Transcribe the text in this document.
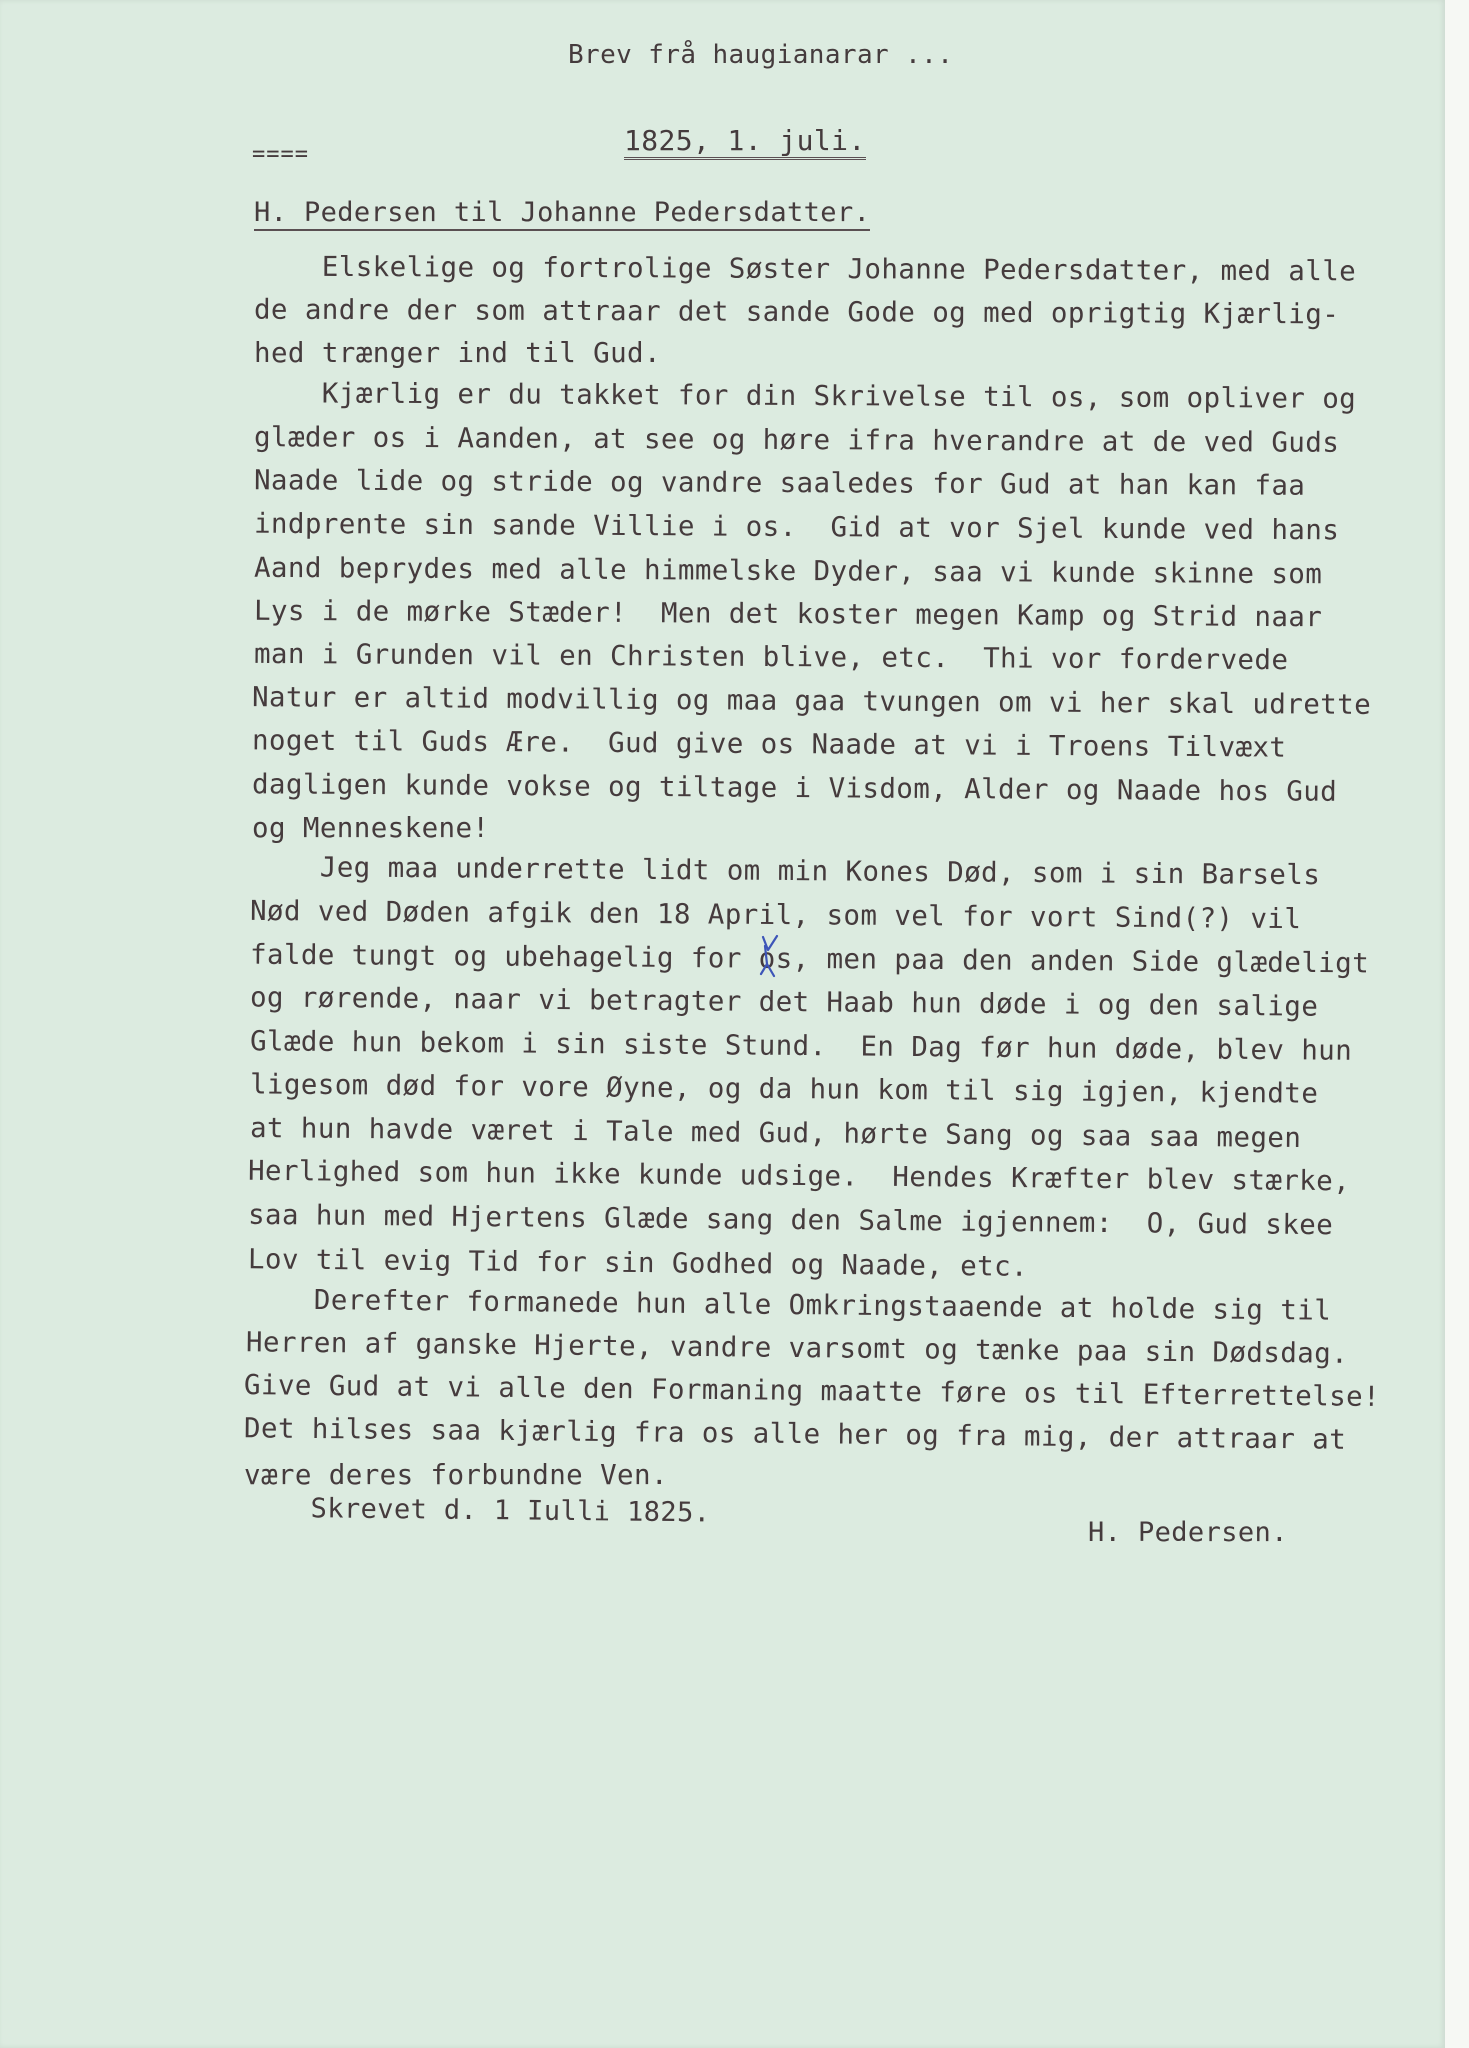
Brev frå haugianarar ...
====	1825, 1. juli.
H. Pedersen til Johanne Pedersdatter.
Elskelige og fortrolige Søster Johanne Pedersdatter, med alle
de andre der som attraar det sande Gode og med oprigtig Kjærlig-
hed trænger ind til Gud.
Kjærlig er du takket for din Skrivelse til os, som opliver og
glæder os i Aanden, at see og høre ifra hverandre at de ved Guds
Naade lide og stride og vandre saaledes for Gud at han kan faa
indprente sin sande Villie i os.  Gid at vor Sjel kunde ved hans
Aand beprydes med alle himmelske Dyder, saa vi kunde skinne som
Lys i de mørke Stæder!  Men det koster megen Kamp og Strid naar
man i Grunden vil en Christen blive, etc.  Thi vor fordervede
Natur er altid modvillig og maa gaa tvungen om vi her skal udrette
noget til Guds Ære.  Gud give os Naade at vi i Troens Tilvæxt
dagligen kunde vokse og tiltage i Visdom, Alder og Naade hos Gud
og Menneskene!
Jeg maa underrette lidt om min Kones Død, som i sin Barsels
Nød ved Døden afgik den 18 April, som vel for vort Sind(?) vil
falde tungt og ubehagelig for os, men paa den anden Side glædeligt
og rørende, naar vi betragter det Haab hun døde i og den salige
Glæde hun bekom i sin siste Stund.  En Dag før hun døde, blev hun
ligesom død for vore Øyne, og da hun kom til sig igjen, kjendte
at hun havde været i Tale med Gud, hørte Sang og saa saa megen
Herlighed som hun ikke kunde udsige.  Hendes Kræfter blev stærke,
saa hun med Hjertens Glæde sang den Salme igjennem:  O, Gud skee
Lov til evig Tid for sin Godhed og Naade, etc.
Derefter formanede hun alle Omkringstaaende at holde sig til
Herren af ganske Hjerte, vandre varsomt og tænke paa sin Dødsdag.
Give Gud at vi alle den Formaning maatte føre os til Efterrettelse!
Det hilses saa kjærlig fra os alle her og fra mig, der attraar at
være deres forbundne Ven.
Skrevet d. 1 Iulli 1825.
H. Pedersen.
